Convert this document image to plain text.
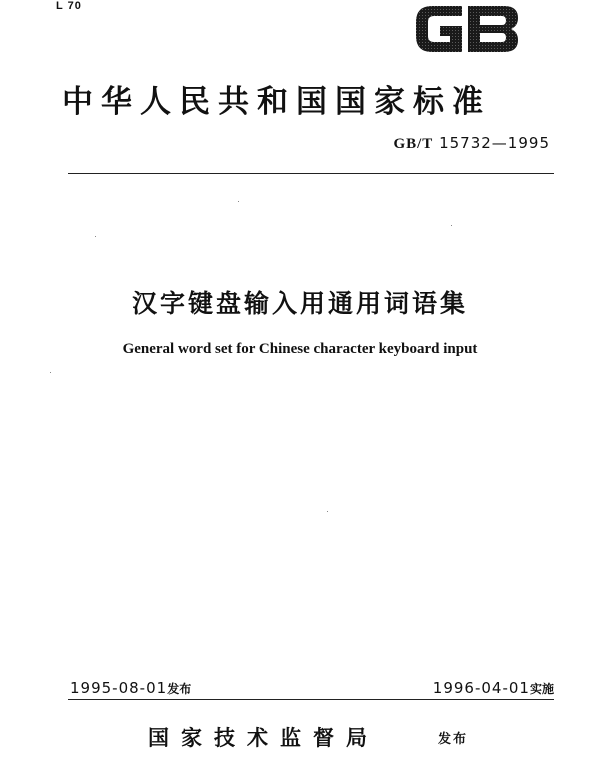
L 70
中华人民共和国国家标准
GB/T 15732—1995
汉字键盘输入用通用词语集
General word set for Chinese character keyboard input
1995-08-01发布	1996-04-01实施
国家技术监督局	发布
